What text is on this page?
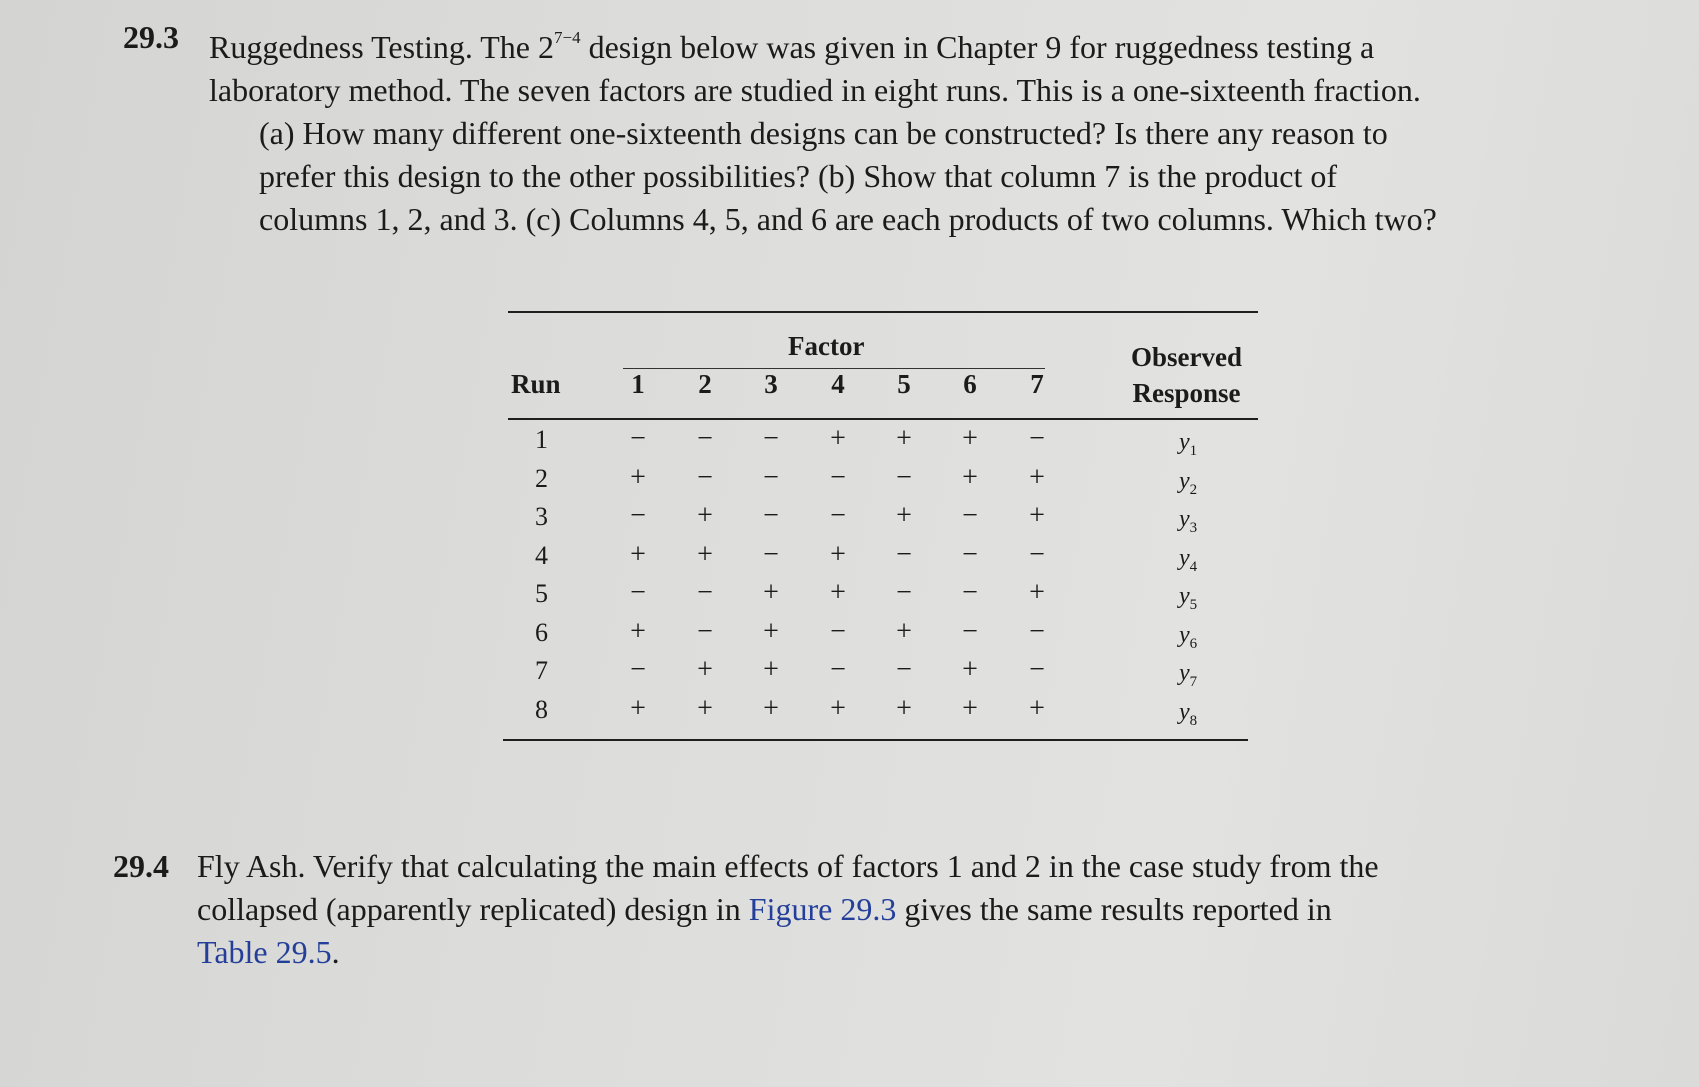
29.3 Ruggedness Testing. The $2^{7-4}$ design below was given in Chapter 9 for ruggedness testing a
laboratory method. The seven factors are studied in eight runs. This is a one-sixteenth fraction.
(a) How many different one-sixteenth designs can be constructed? Is there any reason to
prefer this design to the other possibilities? (b) Show that column 7 is the product of
columns 1, 2, and 3. (c) Columns 4, 5, and 6 are each products of two columns. Which two?
Run
Factor	Observed
Response
1	2	3	4	5	6	7
1	− − − + + + −	$y_1$
2	+ − − − − + +	$y_2$
3	− + − − + − +	$y_3$
4	+ + − + − − −	$y_4$
5	− − + + − − +	$y_5$
6	+ − + − + − −	$y_6$
7	− + + − − + −	$y_7$
8	+ + + + + + +	$y_8$
29.4 Fly Ash. Verify that calculating the main effects of factors 1 and 2 in the case study from the
collapsed (apparently replicated) design in Figure 29.3 gives the same results reported in
Table 29.5.
